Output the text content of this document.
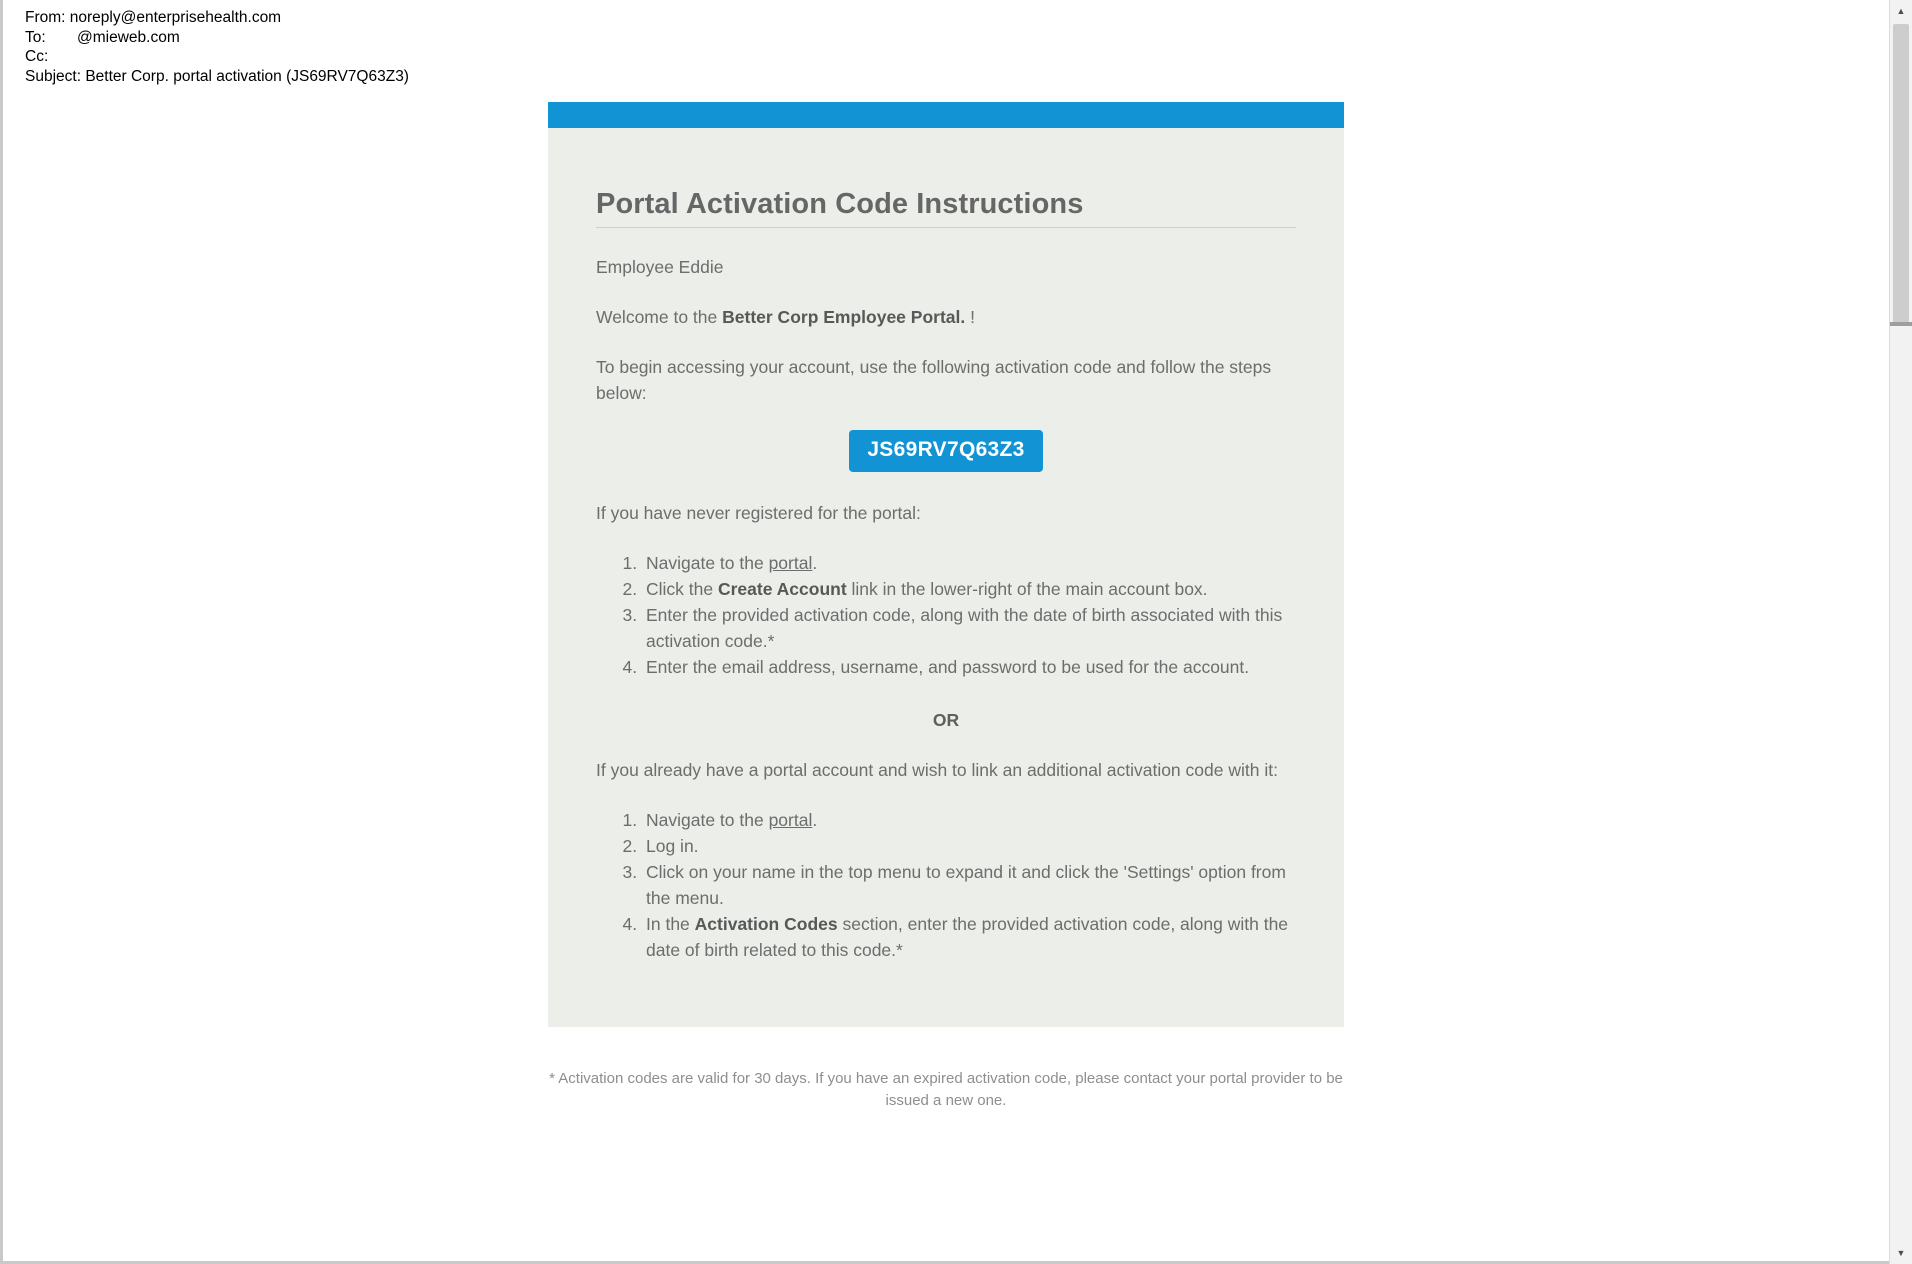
From:
noreply@enterprisehealth.com
To:	@mieweb.com
Cc:
Subject:
Better Corp. portal activation (JS69RV7Q63Z3)
Portal Activation Code Instructions

Employee Eddie

Welcome to the Better Corp Employee Portal. !

To begin accessing your account, use the following activation code and follow the steps below:

JS69RV7Q63Z3

If you have never registered for the portal:

1. Navigate to the portal.
2. Click the Create Account link in the lower-right of the main account box.
3. Enter the provided activation code, along with the date of birth associated with this activation code.*
4. Enter the email address, username, and password to be used for the account.
OR

If you already have a portal account and wish to link an additional activation code with it:

1. Navigate to the portal.
2. Log in.
3. Click on your name in the top menu to expand it and click the 'Settings' option from the menu.
4. In the Activation Codes section, enter the provided activation code, along with the date of birth related to this code.*
* Activation codes are valid for 30 days. If you have an expired activation code, please contact your portal provider to be issued a new one.
▲
▼
